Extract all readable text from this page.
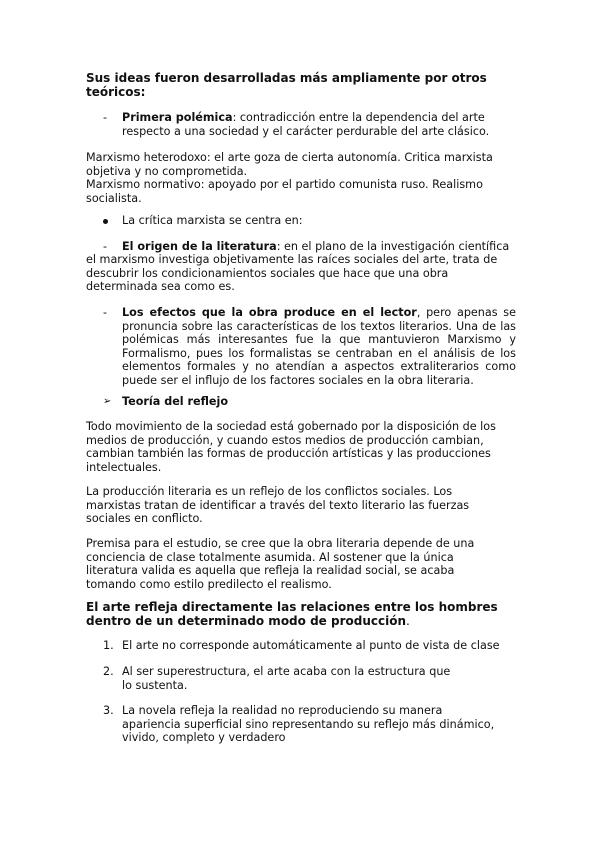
Sus ideas fueron desarrolladas más ampliamente por otros teóricos:
-	Primera polémica: contradicción entre la dependencia del arte respecto a una sociedad y el carácter perdurable del arte clásico.
Marxismo heterodoxo: el arte goza de cierta autonomía. Critica marxista objetiva y no comprometida.
Marxismo normativo: apoyado por el partido comunista ruso. Realismo socialista.
La crítica marxista se centra en:
-	El origen de la literatura: en el plano de la investigación científica
el marxismo investiga objetivamente las raíces sociales del arte, trata de descubrir los condicionamientos sociales que hace que una obra determinada sea como es.
-	Los efectos que la obra produce en el lector, pero apenas se pronuncia sobre las características de los textos literarios. Una de las polémicas más interesantes fue la que mantuvieron Marxismo y Formalismo, pues los formalistas se centraban en el análisis de los elementos formales y no atendían a aspectos extraliterarios como puede ser el influjo de los factores sociales en la obra literaria.
➢ Teoría del reflejo
Todo movimiento de la sociedad está gobernado por la disposición de los medios de producción, y cuando estos medios de producción cambian, cambian también las formas de producción artísticas y las producciones intelectuales.
La producción literaria es un reflejo de los conflictos sociales. Los marxistas tratan de identificar a través del texto literario las fuerzas sociales en conflicto.
Premisa para el estudio, se cree que la obra literaria depende de una conciencia de clase totalmente asumida. Al sostener que la única literatura valida es aquella que refleja la realidad social, se acaba tomando como estilo predilecto el realismo.
El arte refleja directamente las relaciones entre los hombres dentro de un determinado modo de producción.
1. El arte no corresponde automáticamente al punto de vista de clase
2. Al ser superestructura, el arte acaba con la estructura que lo sustenta.
3. La novela refleja la realidad no reproduciendo su manera apariencia superficial sino representando su reflejo más dinámico, vivido, completo y verdadero
